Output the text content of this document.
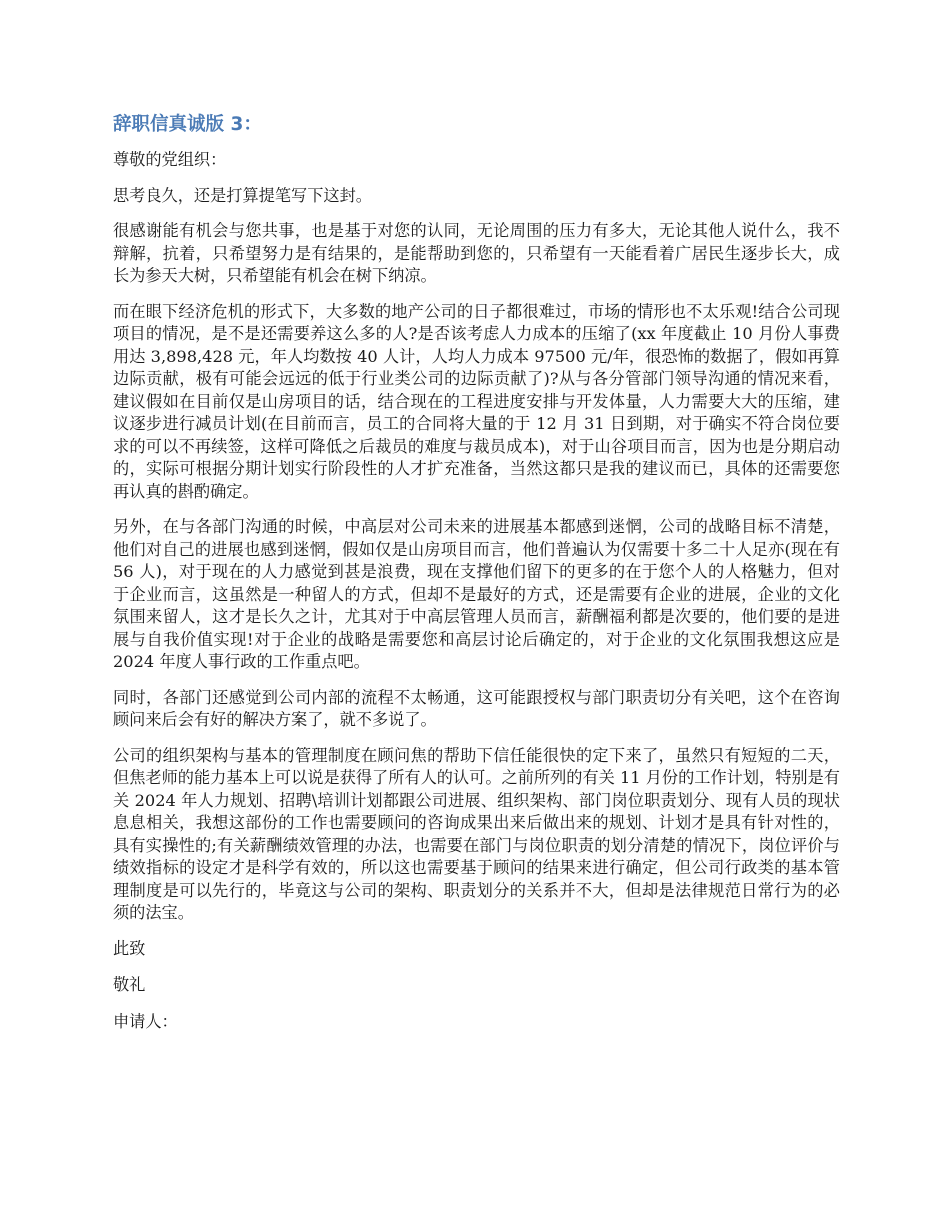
辞职信真诚版 3：

尊敬的党组织：

思考良久，还是打算提笔写下这封。

很感谢能有机会与您共事，也是基于对您的认同，无论周围的压力有多大，无论其他人说什么，我不辩解，抗着，只希望努力是有结果的，是能帮助到您的，只希望有一天能看着广居民生逐步长大，成长为参天大树，只希望能有机会在树下纳凉。

而在眼下经济危机的形式下，大多数的地产公司的日子都很难过，市场的情形也不太乐观!结合公司现项目的情况，是不是还需要养这么多的人?是否该考虑人力成本的压缩了(xx 年度截止 10 月份人事费用达 3,898,428 元，年人均数按 40 人计，人均人力成本 97500 元/年，很恐怖的数据了，假如再算边际贡献，极有可能会远远的低于行业类公司的边际贡献了)?从与各分管部门领导沟通的情况来看，建议假如在目前仅是山房项目的话，结合现在的工程进度安排与开发体量，人力需要大大的压缩，建议逐步进行减员计划(在目前而言，员工的合同将大量的于 12 月 31 日到期，对于确实不符合岗位要求的可以不再续签，这样可降低之后裁员的难度与裁员成本)，对于山谷项目而言，因为也是分期启动的，实际可根据分期计划实行阶段性的人才扩充准备，当然这都只是我的建议而已，具体的还需要您再认真的斟酌确定。

另外，在与各部门沟通的时候，中高层对公司未来的进展基本都感到迷惘，公司的战略目标不清楚，他们对自己的进展也感到迷惘，假如仅是山房项目而言，他们普遍认为仅需要十多二十人足亦(现在有 56 人)，对于现在的人力感觉到甚是浪费，现在支撑他们留下的更多的在于您个人的人格魅力，但对于企业而言，这虽然是一种留人的方式，但却不是最好的方式，还是需要有企业的进展，企业的文化氛围来留人，这才是长久之计，尤其对于中高层管理人员而言，薪酬福利都是次要的，他们要的是进展与自我价值实现!对于企业的战略是需要您和高层讨论后确定的，对于企业的文化氛围我想这应是 2024 年度人事行政的工作重点吧。

同时，各部门还感觉到公司内部的流程不太畅通，这可能跟授权与部门职责切分有关吧，这个在咨询顾问来后会有好的解决方案了，就不多说了。

公司的组织架构与基本的管理制度在顾问焦的帮助下信任能很快的定下来了，虽然只有短短的二天，但焦老师的能力基本上可以说是获得了所有人的认可。之前所列的有关 11 月份的工作计划，特别是有关 2024 年人力规划、招聘\培训计划都跟公司进展、组织架构、部门岗位职责划分、现有人员的现状息息相关，我想这部份的工作也需要顾问的咨询成果出来后做出来的规划、计划才是具有针对性的，具有实操性的;有关薪酬绩效管理的办法，也需要在部门与岗位职责的划分清楚的情况下，岗位评价与绩效指标的设定才是科学有效的，所以这也需要基于顾问的结果来进行确定，但公司行政类的基本管理制度是可以先行的，毕竟这与公司的架构、职责划分的关系并不大，但却是法律规范日常行为的必须的法宝。

此致

敬礼

申请人：
